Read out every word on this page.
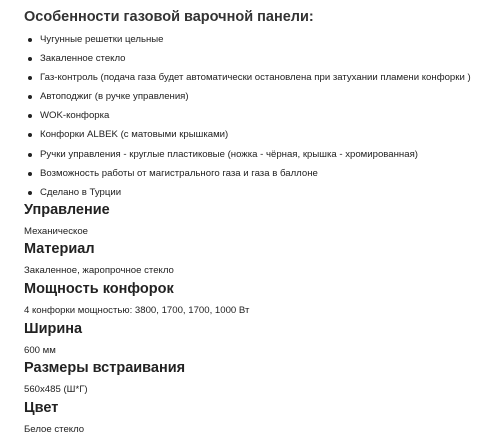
Особенности газовой варочной панели:
Чугунные решетки цельные
Закаленное стекло
Газ-контроль (подача газа будет автоматически остановлена при затухании пламени конфорки )
Автоподжиг (в ручке управления)
WOK-конфорка
Конфорки ALBEK (с матовыми крышками)
Ручки управления - круглые пластиковые (ножка - чёрная, крышка - хромированная)
Возможность работы от магистрального газа и газа в баллоне
Сделано в Турции
Управление

Механическое

Материал

Закаленное, жаропрочное стекло

Мощность конфорок

4 конфорки мощностью: 3800, 1700, 1700, 1000 Вт

Ширина

600 мм

Размеры встраивания

560x485 (Ш*Г)

Цвет

Белое стекло
